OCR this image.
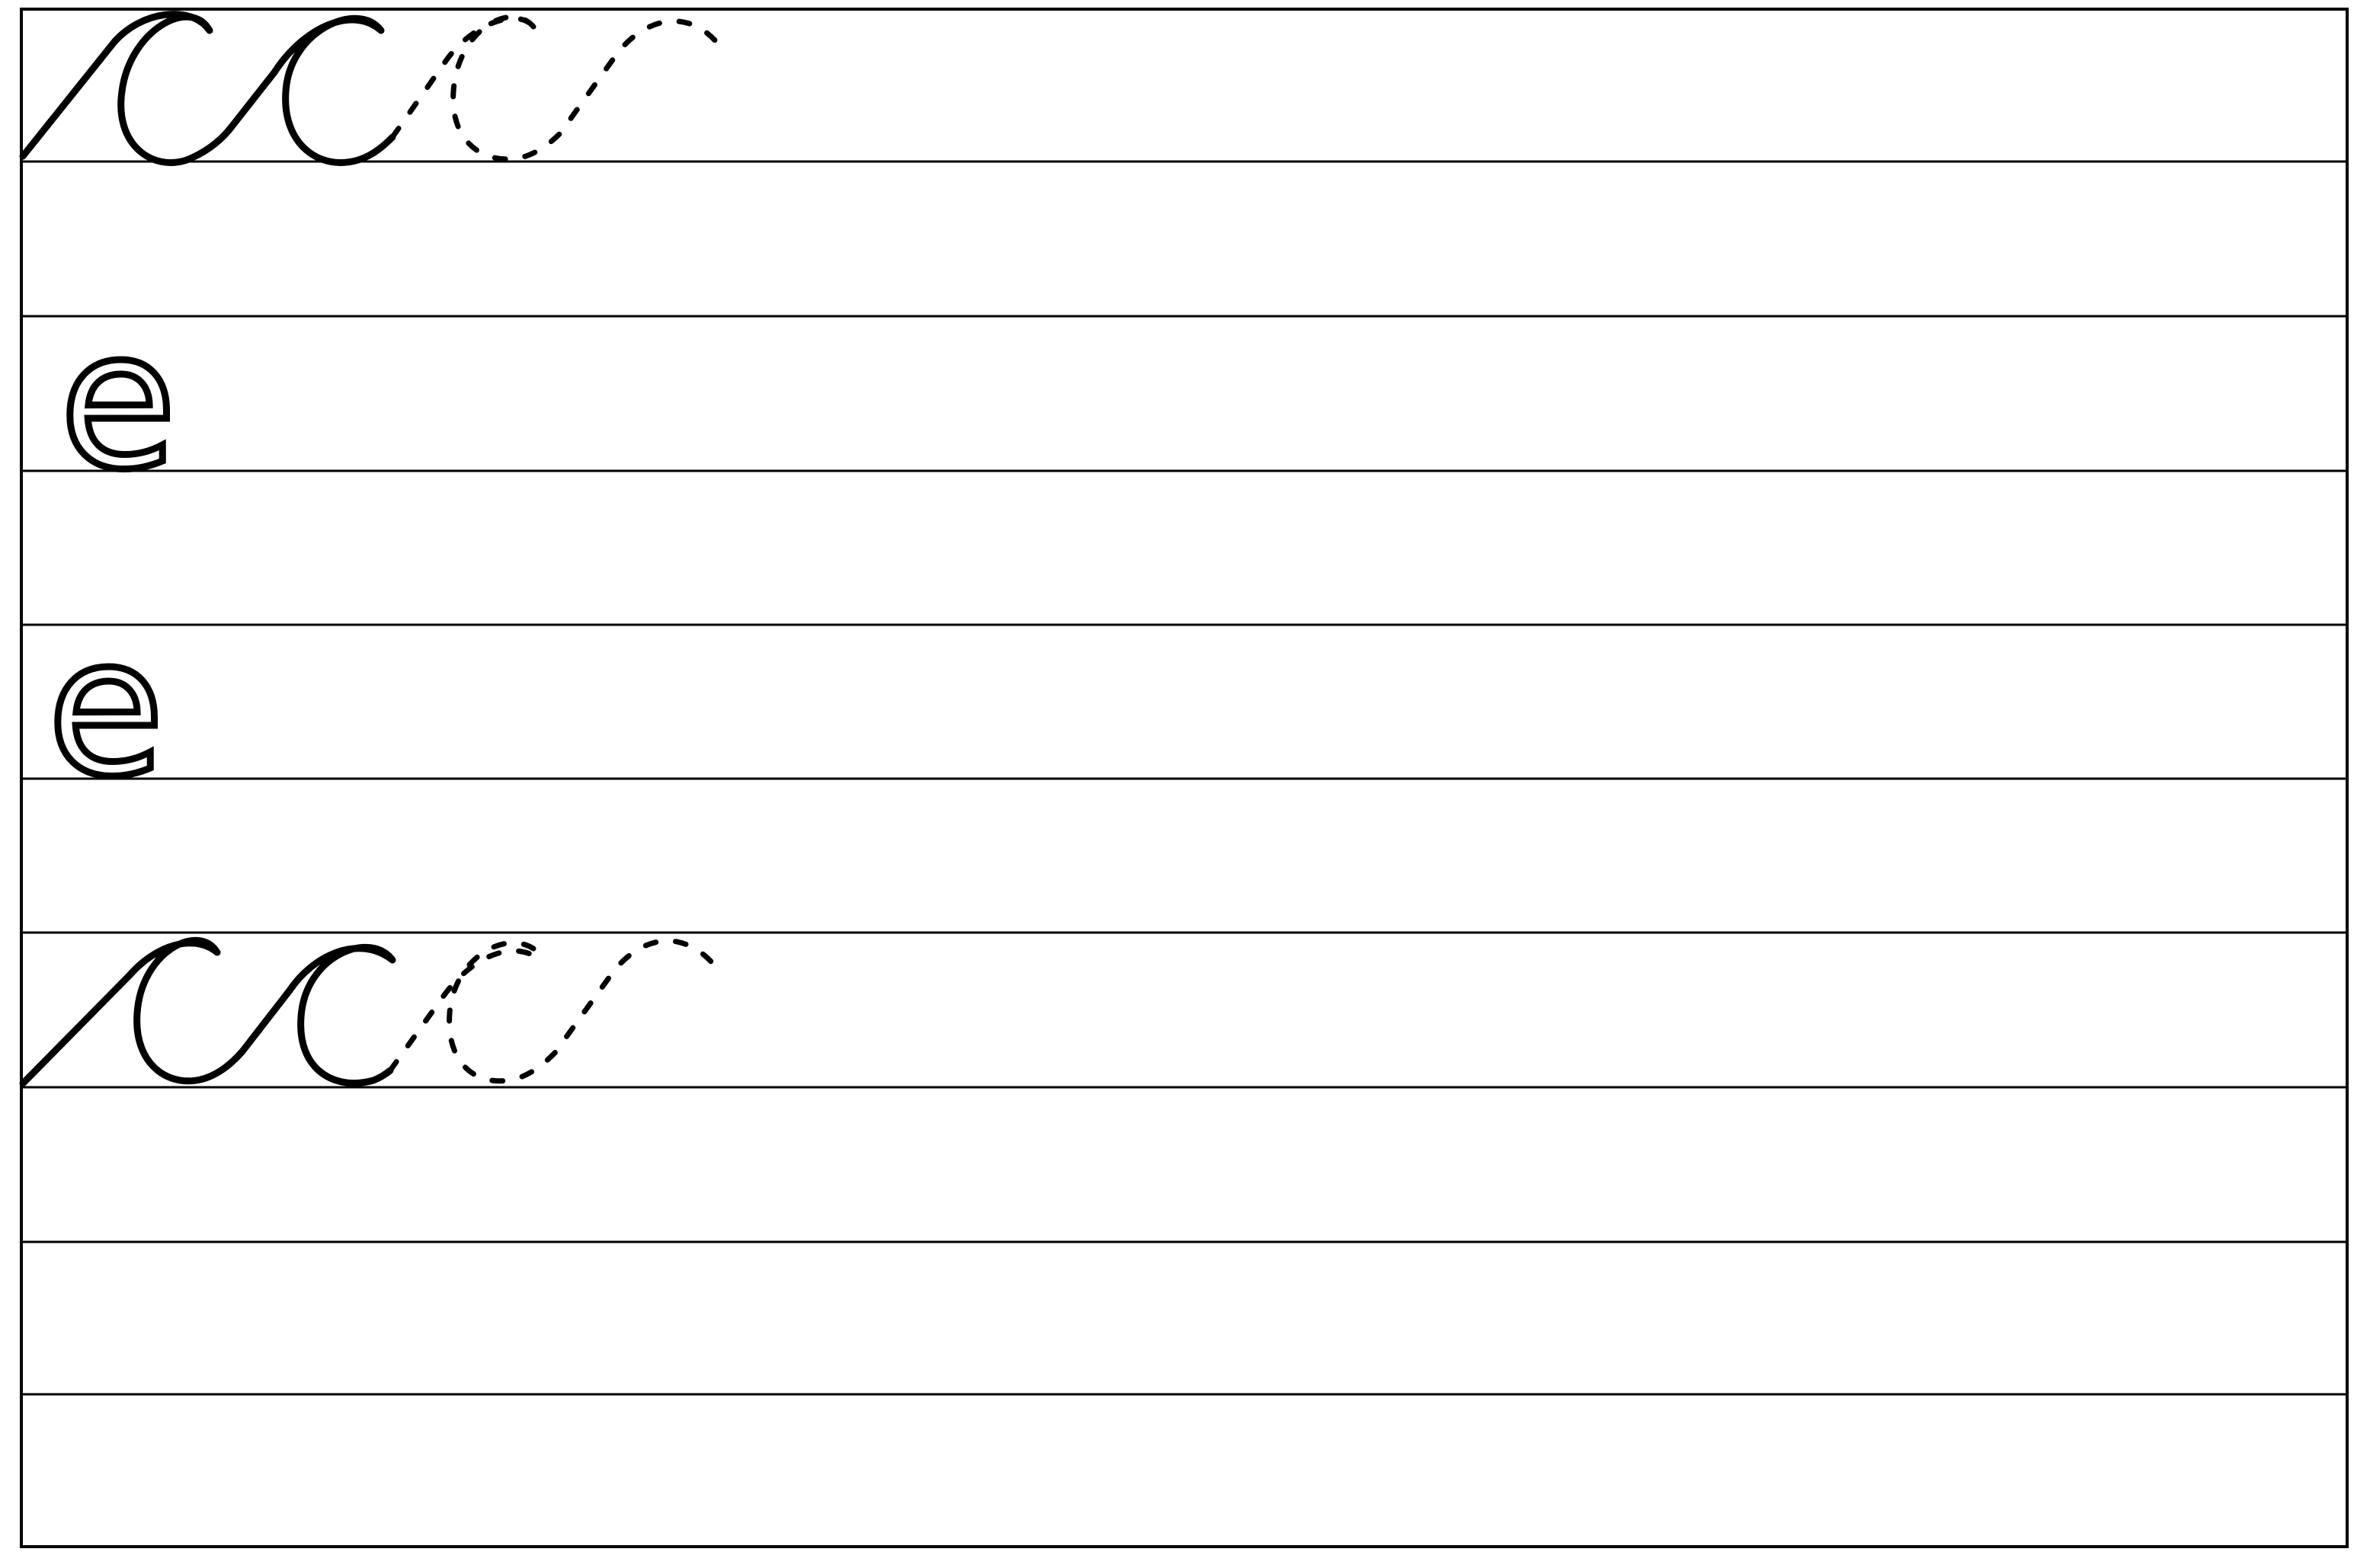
e
e
